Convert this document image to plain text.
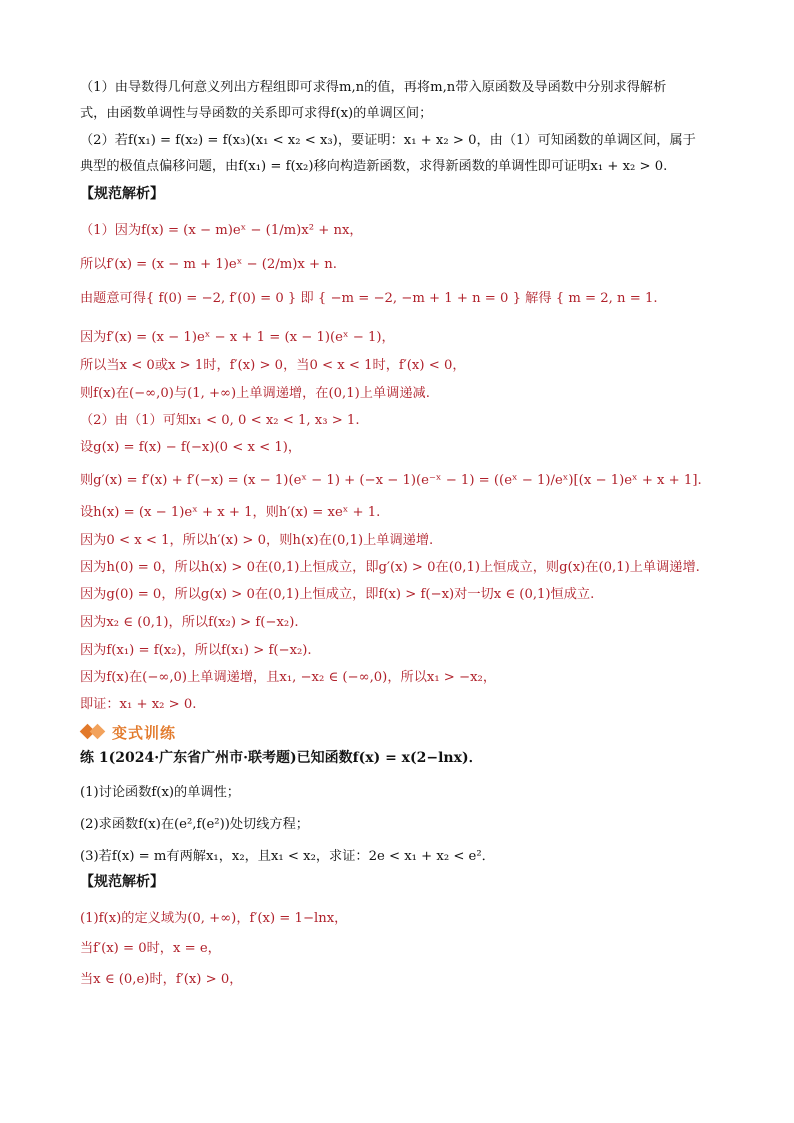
（1）由导数得几何意义列出方程组即可求得m,n的值，再将m,n带入原函数及导函数中分别求得解析
式，由函数单调性与导函数的关系即可求得f(x)的单调区间；
（2）若f(x₁) = f(x₂) = f(x₃)(x₁ < x₂ < x₃)，要证明：x₁ + x₂ > 0，由（1）可知函数的单调区间，属于
典型的极值点偏移问题，由f(x₁) = f(x₂)移向构造新函数，求得新函数的单调性即可证明x₁ + x₂ > 0.
【规范解析】
（1）因为f(x) = (x − m)eˣ − (1/m)x² + nx，
所以f′(x) = (x − m + 1)eˣ − (2/m)x + n.
由题意可得{ f(0) = −2, f′(0) = 0 } 即 { −m = −2, −m + 1 + n = 0 } 解得 { m = 2, n = 1.
因为f′(x) = (x − 1)eˣ − x + 1 = (x − 1)(eˣ − 1)，
所以当x < 0或x > 1时，f′(x) > 0，当0 < x < 1时，f′(x) < 0，
则f(x)在(−∞,0)与(1, +∞)上单调递增，在(0,1)上单调递减.
（2）由（1）可知x₁ < 0, 0 < x₂ < 1, x₃ > 1.
设g(x) = f(x) − f(−x)(0 < x < 1)，
则g′(x) = f′(x) + f′(−x) = (x − 1)(eˣ − 1) + (−x − 1)(e⁻ˣ − 1) = ((eˣ − 1)/eˣ)[(x − 1)eˣ + x + 1].
设h(x) = (x − 1)eˣ + x + 1，则h′(x) = xeˣ + 1.
因为0 < x < 1，所以h′(x) > 0，则h(x)在(0,1)上单调递增.
因为h(0) = 0，所以h(x) > 0在(0,1)上恒成立，即g′(x) > 0在(0,1)上恒成立，则g(x)在(0,1)上单调递增.
因为g(0) = 0，所以g(x) > 0在(0,1)上恒成立，即f(x) > f(−x)对一切x ∈ (0,1)恒成立.
因为x₂ ∈ (0,1)，所以f(x₂) > f(−x₂).
因为f(x₁) = f(x₂)，所以f(x₁) > f(−x₂).
因为f(x)在(−∞,0)上单调递增，且x₁, −x₂ ∈ (−∞,0)，所以x₁ > −x₂，
即证：x₁ + x₂ > 0.
变式训练
练 1(2024·广东省广州市·联考题)已知函数f(x) = x(2−lnx)．
(1)讨论函数f(x)的单调性；
(2)求函数f(x)在(e²,f(e²))处切线方程；
(3)若f(x) = m有两解x₁，x₂，且x₁ < x₂，求证：2e < x₁ + x₂ < e²．
【规范解析】
(1)f(x)的定义域为(0, +∞)，f′(x) = 1−lnx，
当f′(x) = 0时，x = e，
当x ∈ (0,e)时，f′(x) > 0，
